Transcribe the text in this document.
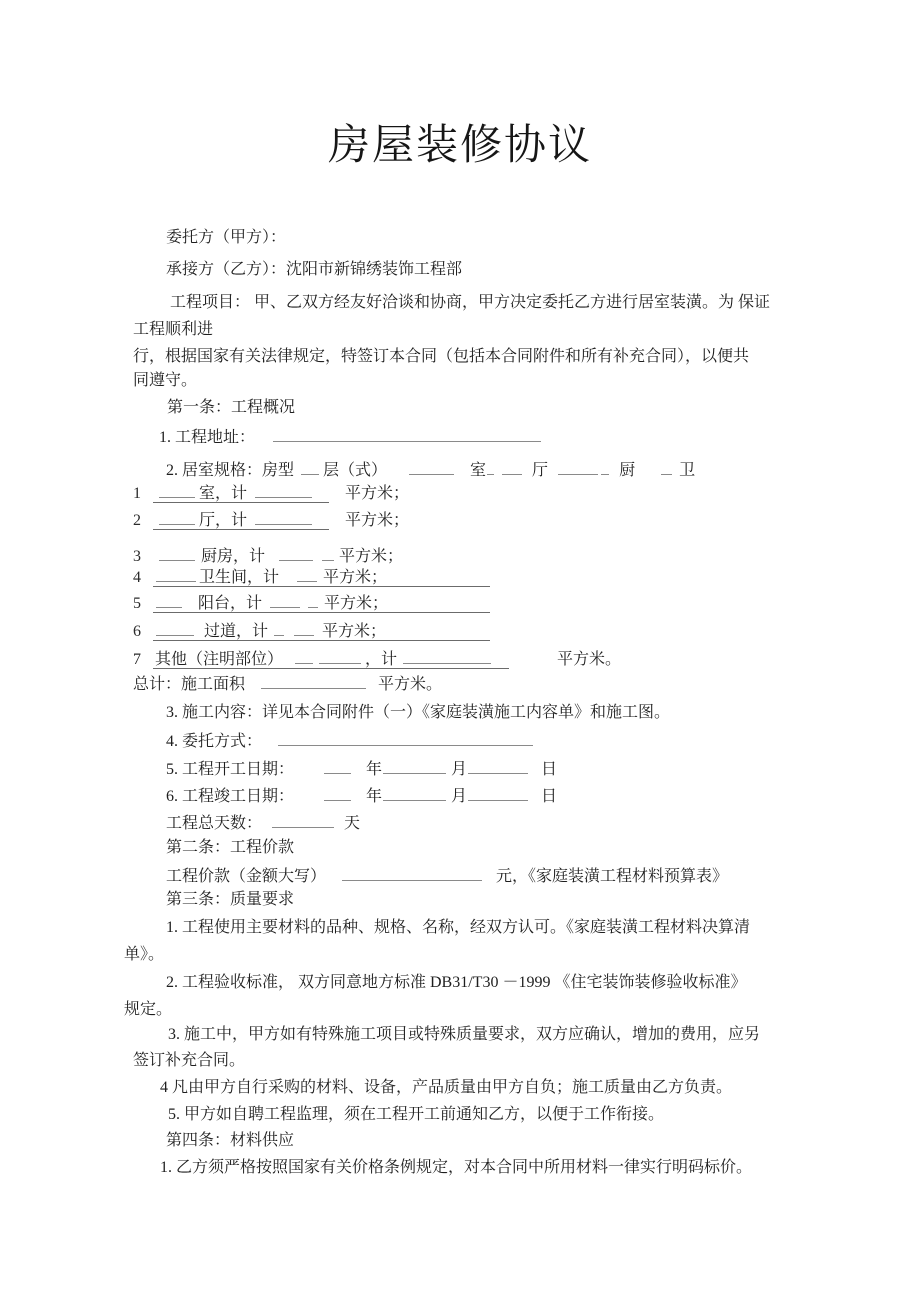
房屋装修协议
委托方（甲方）：
承接方（乙方）：沈阳市新锦绣装饰工程部
工程项目： 甲、乙双方经友好洽谈和协商，甲方决定委托乙方进行居室装潢。为 保证
工程顺利进
行，根据国家有关法律规定，特签订本合同（包括本合同附件和所有补充合同），以便共
同遵守。
第一条：工程概况
1. 工程地址：
2. 居室规格：房型 层（式）	室	厅	厨	卫
1	室，计	平方米；
2	厅，计	平方米；
3	厨房，计	平方米；
4	卫生间，计	平方米；
5	阳台，计	平方米；
6	过道，计	平方米；
7 其他（注明部位）	，计	平方米。
总计：施工面积	平方米。
3. 施工内容：详见本合同附件（一）《家庭装潢施工内容单》和施工图。
4. 委托方式：
5. 工程开工日期：	年	月	日
6. 工程竣工日期：	年	月	日
工程总天数：	天
第二条：工程价款
工程价款（金额大写）	元，《家庭装潢工程材料预算表》
第三条：质量要求
1. 工程使用主要材料的品种、规格、名称，经双方认可。《家庭装潢工程材料决算清
单》。
2. 工程验收标准， 双方同意地方标准 DB31/T30 －1999 《住宅装饰装修验收标准》
规定。
3. 施工中，甲方如有特殊施工项目或特殊质量要求，双方应确认，增加的费用，应另
签订补充合同。
4 凡由甲方自行采购的材料、设备，产品质量由甲方自负；施工质量由乙方负责。
5. 甲方如自聘工程监理，须在工程开工前通知乙方，以便于工作衔接。
第四条：材料供应
1. 乙方须严格按照国家有关价格条例规定，对本合同中所用材料一律实行明码标价。
